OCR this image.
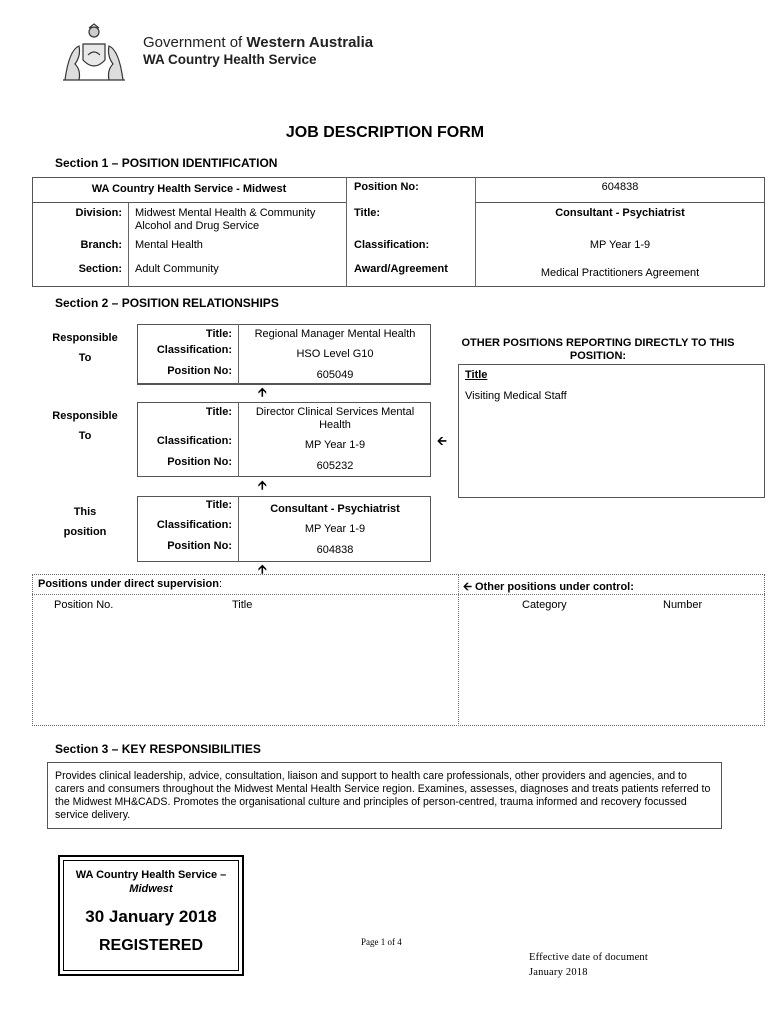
Government of Western Australia
WA Country Health Service
JOB DESCRIPTION FORM
Section 1 – POSITION IDENTIFICATION
WA Country Health Service - Midwest	Position No:	604838
Division: Midwest Mental Health & Community Alcohol and Drug Service
Title:	Consultant - Psychiatrist
Branch: Mental Health	Classification:	MP Year 1-9
Section: Adult Community	Award/Agreement	Medical Practitioners Agreement
Section 2 – POSITION RELATIONSHIPS
Responsible
To
Responsible
To
This
position
Title:	Regional Manager Mental Health
Classification:	HSO Level G10
Position No:	605049
🡩
Title:	Director Clinical Services Mental Health
Classification:	MP Year 1-9
Position No:	605232
🡨
🡩
Title:	Consultant - Psychiatrist
Classification:	MP Year 1-9
Position No:	604838
🡩
OTHER POSITIONS REPORTING DIRECTLY TO THIS POSITION:
Title
Visiting Medical Staff
Positions under direct supervision:
Position No.	Title
🡨 Other positions under control:
Category	Number
Section 3 – KEY RESPONSIBILITIES
Provides clinical leadership, advice, consultation, liaison and support to health care professionals, other providers and agencies, and to carers and consumers throughout the Midwest Mental Health Service region. Examines, assesses, diagnoses and treats patients referred to the Midwest MH&CADS. Promotes the organisational culture and principles of person-centred, trauma informed and recovery focussed service delivery.
WA Country Health Service –
Midwest
30 January 2018
REGISTERED	Page 1 of 4
Effective date of document
January 2018
